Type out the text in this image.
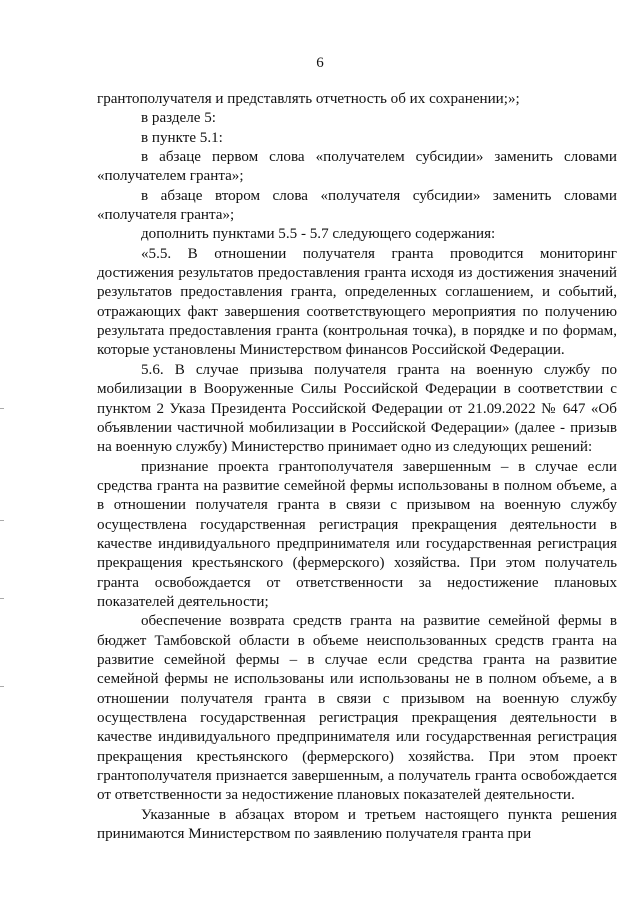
6

грантополучателя и представлять отчетность об их сохранении;»;

в разделе 5:

в пункте 5.1:

в абзаце первом слова «получателем субсидии» заменить словами «получателем гранта»;

в абзаце втором слова «получателя субсидии» заменить словами «получателя гранта»;

дополнить пунктами 5.5 - 5.7 следующего содержания:

«5.5. В отношении получателя гранта проводится мониторинг достижения результатов предоставления гранта исходя из достижения значений результатов предоставления гранта, определенных соглашением, и событий, отражающих факт завершения соответствующего мероприятия по получению результата предоставления гранта (контрольная точка), в порядке и по формам, которые установлены Министерством финансов Российской Федерации.

5.6. В случае призыва получателя гранта на военную службу по мобилизации в Вооруженные Силы Российской Федерации в соответствии с пунктом 2 Указа Президента Российской Федерации от 21.09.2022 № 647 «Об объявлении частичной мобилизации в Российской Федерации» (далее - призыв на военную службу) Министерство принимает одно из следующих решений:

признание проекта грантополучателя завершенным – в случае если средства гранта на развитие семейной фермы использованы в полном объеме, а в отношении получателя гранта в связи с призывом на военную службу осуществлена государственная регистрация прекращения деятельности в качестве индивидуального предпринимателя или государственная регистрация прекращения крестьянского (фермерского) хозяйства. При этом получатель гранта освобождается от ответственности за недостижение плановых показателей деятельности;

обеспечение возврата средств гранта на развитие семейной фермы в бюджет Тамбовской области в объеме неиспользованных средств гранта на развитие семейной фермы – в случае если средства гранта на развитие семейной фермы не использованы или использованы не в полном объеме, а в отношении получателя гранта в связи с призывом на военную службу осуществлена государственная регистрация прекращения деятельности в качестве индивидуального предпринимателя или государственная регистрация прекращения крестьянского (фермерского) хозяйства. При этом проект грантополучателя признается завершенным, а получатель гранта освобождается от ответственности за недостижение плановых показателей деятельности.

Указанные в абзацах втором и третьем настоящего пункта решения принимаются Министерством по заявлению получателя гранта при
